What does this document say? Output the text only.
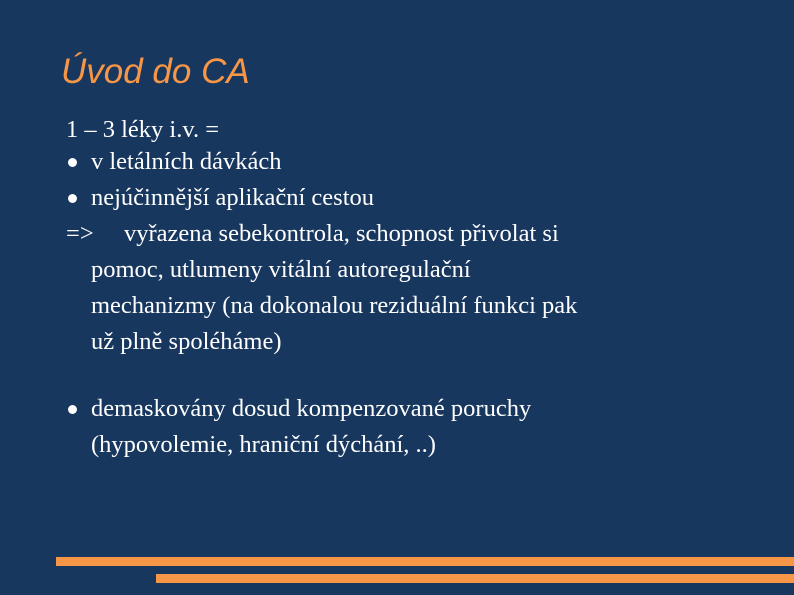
Úvod do CA
1 – 3 léky i.v. =
v letálních dávkách
nejúčinnější aplikační cestou
=> vyřazena sebekontrola, schopnost přivolat si
pomoc, utlumeny vitální autoregulační
mechanizmy (na dokonalou reziduální funkci pak
už plně spoléháme)
demaskovány dosud kompenzované poruchy
(hypovolemie, hraniční dýchání, ..)
